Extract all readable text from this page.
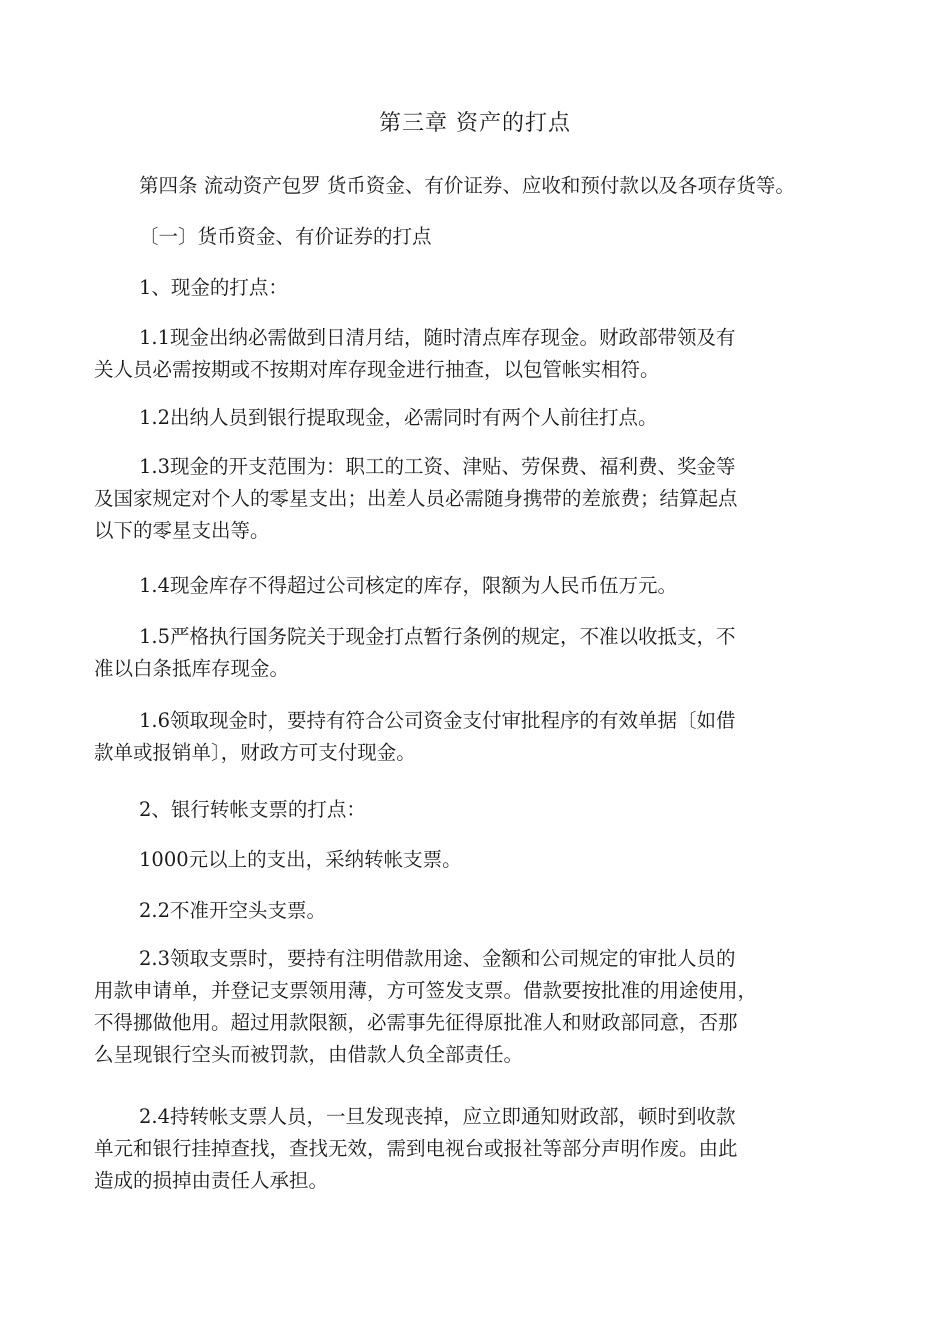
第三章 资产的打点
第四条 流动资产包罗 货币资金、有价证券、应收和预付款以及各项存货等。
〔一〕货币资金、有价证券的打点
1、现金的打点：
1.1现金出纳必需做到日清月结，随时清点库存现金。财政部带领及有
关人员必需按期或不按期对库存现金进行抽查，以包管帐实相符。
1.2出纳人员到银行提取现金，必需同时有两个人前往打点。
1.3现金的开支范围为：职工的工资、津贴、劳保费、福利费、奖金等
及国家规定对个人的零星支出；出差人员必需随身携带的差旅费；结算起点
以下的零星支出等。
1.4现金库存不得超过公司核定的库存，限额为人民币伍万元。
1.5严格执行国务院关于现金打点暂行条例的规定，不准以收抵支，不
准以白条抵库存现金。
1.6领取现金时，要持有符合公司资金支付审批程序的有效单据〔如借
款单或报销单〕，财政方可支付现金。
2、银行转帐支票的打点：
1000元以上的支出，采纳转帐支票。
2.2不准开空头支票。
2.3领取支票时，要持有注明借款用途、金额和公司规定的审批人员的
用款申请单，并登记支票领用薄，方可签发支票。借款要按批准的用途使用，
不得挪做他用。超过用款限额，必需事先征得原批准人和财政部同意，否那
么呈现银行空头而被罚款，由借款人负全部责任。
2.4持转帐支票人员，一旦发现丧掉，应立即通知财政部，顿时到收款
单元和银行挂掉查找，查找无效，需到电视台或报社等部分声明作废。由此
造成的损掉由责任人承担。
